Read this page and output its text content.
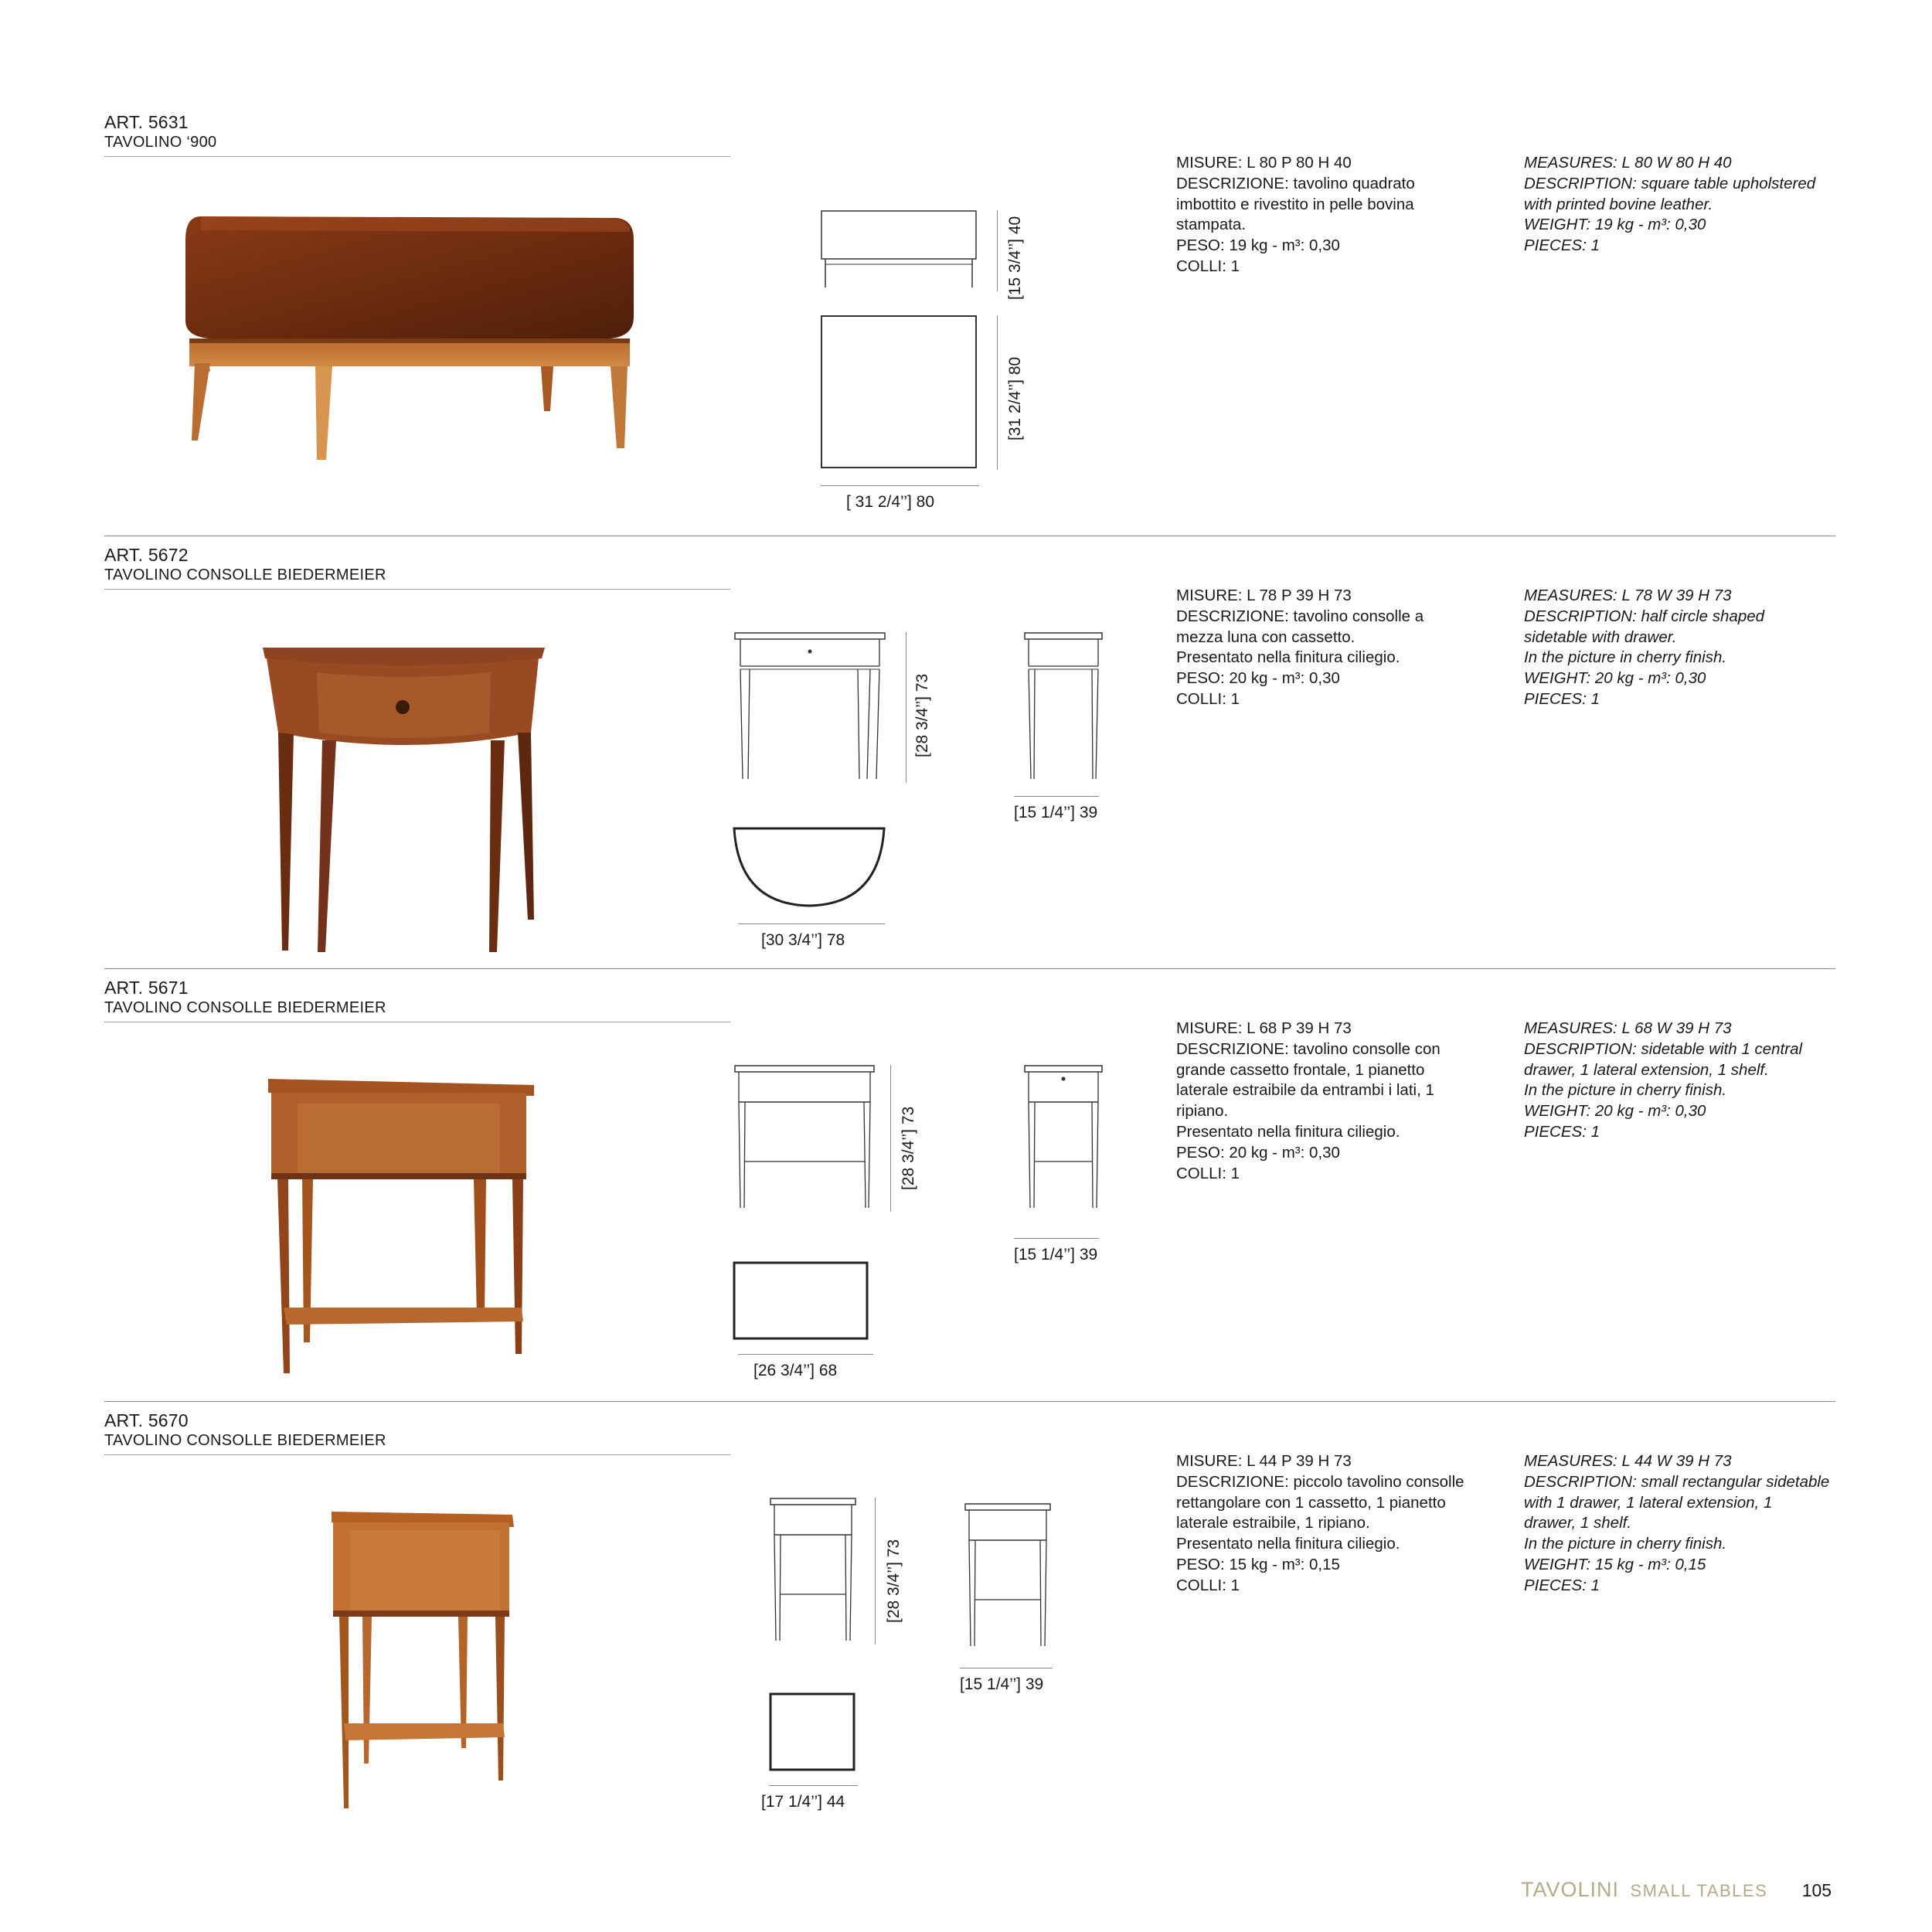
ART. 5631
TAVOLINO ‘900
[15 3/4’’] 40
[31 2/4’’] 80
[ 31 2/4’’] 80
MISURE: L 80 P 80 H 40
DESCRIZIONE: tavolino quadrato
imbottito e rivestito in pelle bovina
stampata.
PESO: 19 kg - m³: 0,30
COLLI: 1
MEASURES: L 80 W 80 H 40
DESCRIPTION: square table upholstered
with printed bovine leather.
WEIGHT: 19 kg - m³: 0,30
PIECES: 1
ART. 5672
TAVOLINO CONSOLLE BIEDERMEIER
[28 3/4’’] 73
[15 1/4’’] 39
[30 3/4’’] 78
MISURE: L 78 P 39 H 73
DESCRIZIONE: tavolino consolle a
mezza luna con cassetto.
Presentato nella finitura ciliegio.
PESO: 20 kg - m³: 0,30
COLLI: 1
MEASURES: L 78 W 39 H 73
DESCRIPTION: half circle shaped
sidetable with drawer.
In the picture in cherry finish.
WEIGHT: 20 kg - m³: 0,30
PIECES: 1
ART. 5671
TAVOLINO CONSOLLE BIEDERMEIER
[28 3/4’’] 73
[15 1/4’’] 39
[26 3/4’’] 68
MISURE: L 68 P 39 H 73
DESCRIZIONE: tavolino consolle con
grande cassetto frontale, 1 pianetto
laterale estraibile da entrambi i lati, 1
ripiano.
Presentato nella finitura ciliegio.
PESO: 20 kg - m³: 0,30
COLLI: 1
MEASURES: L 68 W 39 H 73
DESCRIPTION: sidetable with 1 central
drawer, 1 lateral extension, 1 shelf.
In the picture in cherry finish.
WEIGHT: 20 kg - m³: 0,30
PIECES: 1
ART. 5670
TAVOLINO CONSOLLE BIEDERMEIER
[28 3/4’’] 73
[15 1/4’’] 39
[17 1/4’’] 44
MISURE: L 44 P 39 H 73
DESCRIZIONE: piccolo tavolino consolle
rettangolare con 1 cassetto, 1 pianetto
laterale estraibile, 1 ripiano.
Presentato nella finitura ciliegio.
PESO: 15 kg - m³: 0,15
COLLI: 1
MEASURES: L 44 W 39 H 73
DESCRIPTION: small rectangular sidetable
with 1 drawer, 1 lateral extension, 1
drawer, 1 shelf.
In the picture in cherry finish.
WEIGHT: 15 kg - m³: 0,15
PIECES: 1
TAVOLINI SMALL TABLES 105
